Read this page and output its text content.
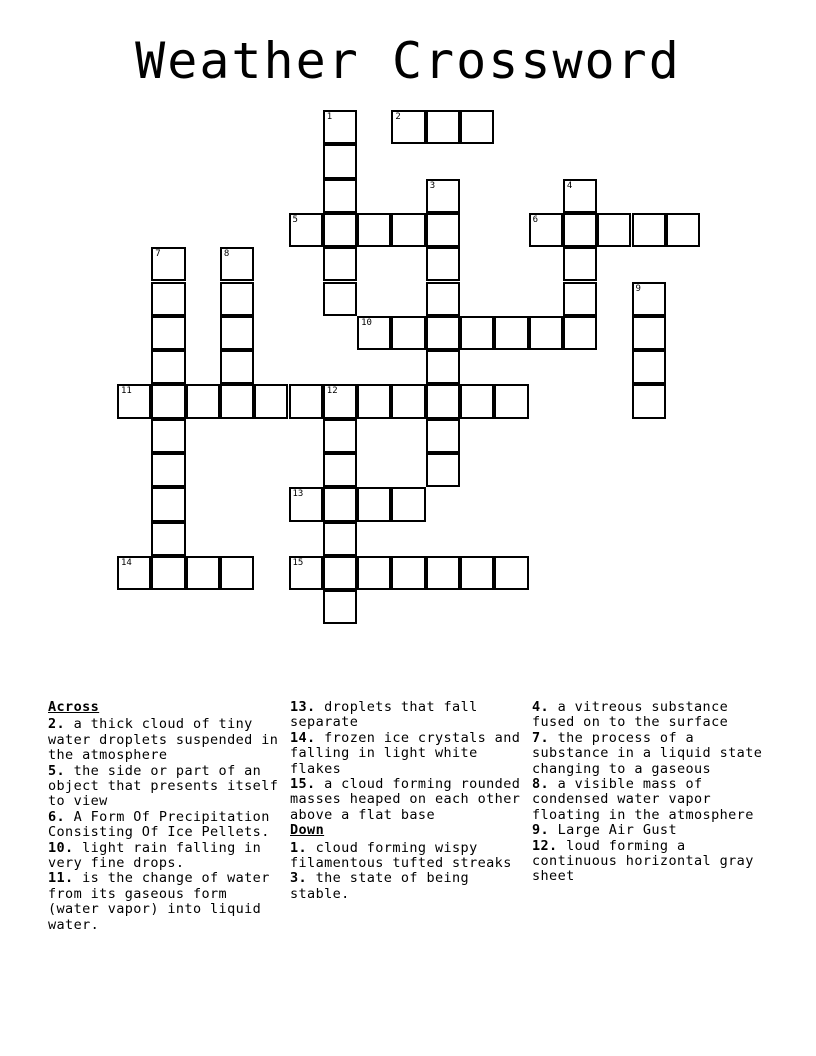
Weather Crossword
1	2
3	4
5	6
7	8
9
10
11	12
13
14	15
Across
2. a thick cloud of tiny water droplets suspended in the atmosphere
5. the side or part of an object that presents itself to view
6. A Form Of Precipitation Consisting Of Ice Pellets.
10. light rain falling in very fine drops.
11. is the change of water from its gaseous form (water vapor) into liquid water.
13. droplets that fall separate
14. frozen ice crystals and falling in light white flakes
15. a cloud forming rounded masses heaped on each other above a flat base
Down
1. cloud forming wispy filamentous tufted streaks
3. the state of being stable.
4. a vitreous substance fused on to the surface
7. the process of a substance in a liquid state changing to a gaseous
8. a visible mass of condensed water vapor floating in the atmosphere
9. Large Air Gust
12. loud forming a continuous horizontal gray sheet
